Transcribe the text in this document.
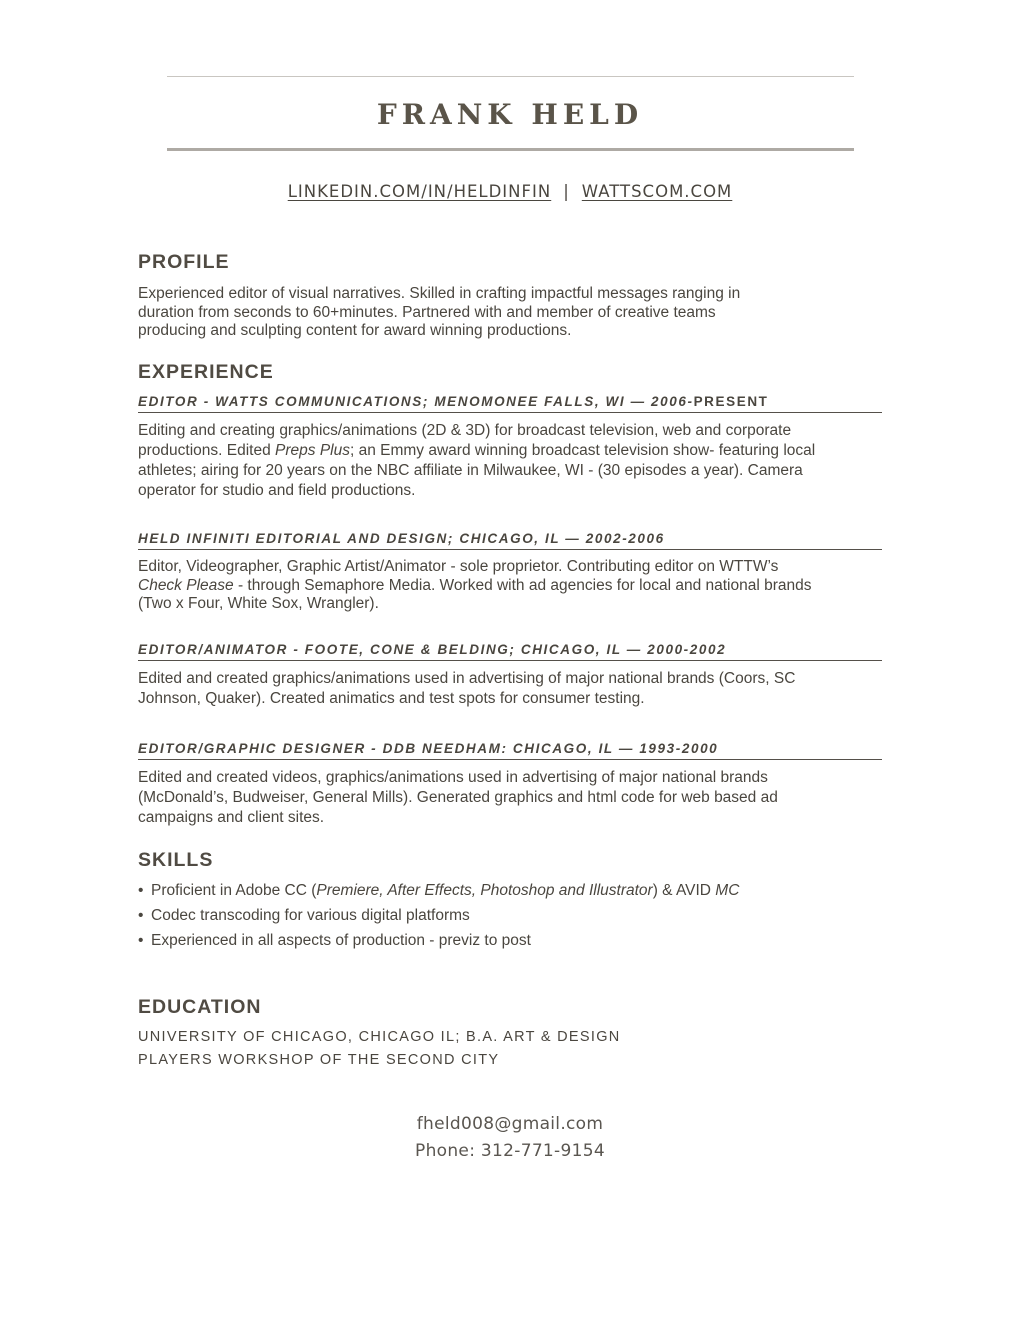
FRANK HELD
LINKEDIN.COM/IN/HELDINFIN | WATTSCOM.COM
PROFILE
Experienced editor of visual narratives. Skilled in crafting impactful messages ranging in
duration from seconds to 60+minutes. Partnered with and member of creative teams
producing and sculpting content for award winning productions.
EXPERIENCE
EDITOR - WATTS COMMUNICATIONS; MENOMONEE FALLS, WI — 2006-PRESENT
Editing and creating graphics/animations (2D & 3D) for broadcast television, web and corporate
productions. Edited Preps Plus; an Emmy award winning broadcast television show- featuring local
athletes; airing for 20 years on the NBC affiliate in Milwaukee, WI - (30 episodes a year). Camera
operator for studio and field productions.
HELD INFINITI EDITORIAL AND DESIGN; CHICAGO, IL — 2002-2006
Editor, Videographer, Graphic Artist/Animator - sole proprietor. Contributing editor on WTTW’s
Check Please - through Semaphore Media. Worked with ad agencies for local and national brands
(Two x Four, White Sox, Wrangler).
EDITOR/ANIMATOR - FOOTE, CONE & BELDING; CHICAGO, IL — 2000-2002
Edited and created graphics/animations used in advertising of major national brands (Coors, SC
Johnson, Quaker). Created animatics and test spots for consumer testing.
EDITOR/GRAPHIC DESIGNER - DDB NEEDHAM: CHICAGO, IL — 1993-2000
Edited and created videos, graphics/animations used in advertising of major national brands
(McDonald’s, Budweiser, General Mills). Generated graphics and html code for web based ad
campaigns and client sites.
SKILLS
• Proficient in Adobe CC (Premiere, After Effects, Photoshop and Illustrator) & AVID MC
• Codec transcoding for various digital platforms
• Experienced in all aspects of production - previz to post
EDUCATION
UNIVERSITY OF CHICAGO, CHICAGO IL; B.A. ART & DESIGN
PLAYERS WORKSHOP OF THE SECOND CITY
fheld008@gmail.com
Phone: 312-771-9154
